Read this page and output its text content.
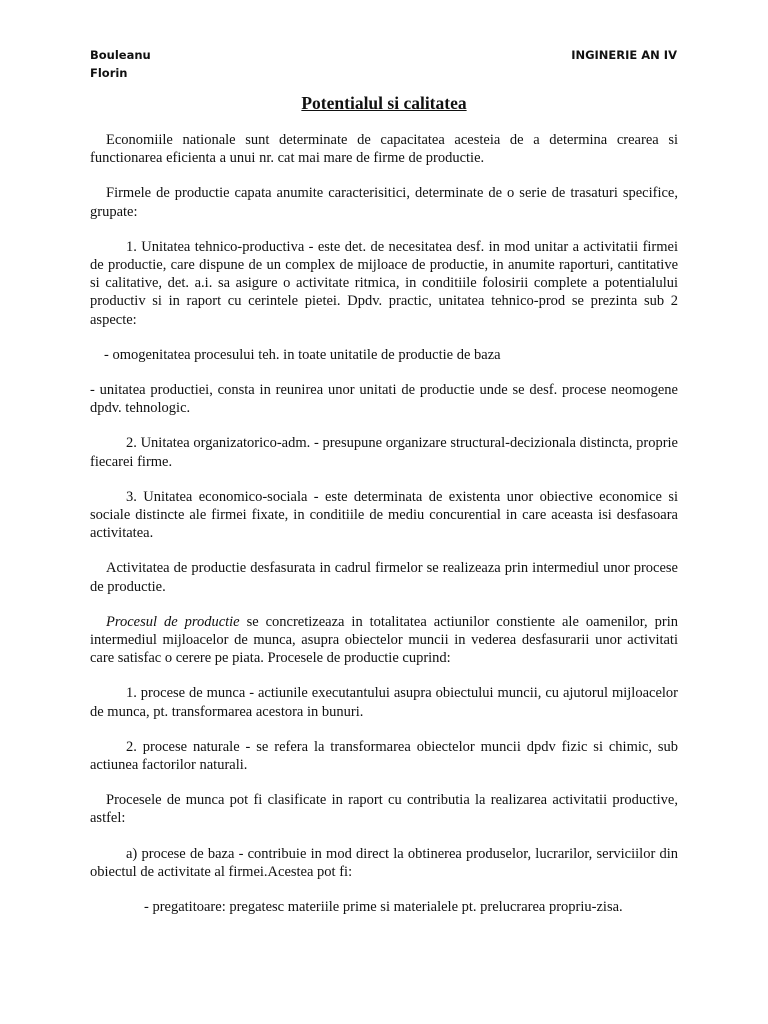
Bouleanu
Florin
INGINERIE AN IV
Potentialul si calitatea

Economiile nationale sunt determinate de capacitatea acesteia de a determina crearea si functionarea eficienta a unui nr. cat mai mare de firme de productie.

Firmele de productie capata anumite caracterisitici, determinate de o serie de trasaturi specifice, grupate:

1. Unitatea tehnico-productiva - este det. de necesitatea desf. in mod unitar a activitatii firmei de productie, care dispune de un complex de mijloace de productie, in anumite raporturi, cantitative si calitative, det. a.i. sa asigure o activitate ritmica, in conditiile folosirii complete a potentialului productiv si in raport cu cerintele pietei. Dpdv. practic, unitatea tehnico-prod se prezinta sub 2 aspecte:

- omogenitatea procesului teh. in toate unitatile de productie de baza

- unitatea productiei, consta in reunirea unor unitati de productie unde se desf. procese neomogene dpdv. tehnologic.

2. Unitatea organizatorico-adm. - presupune organizare structural-decizionala distincta, proprie fiecarei firme.

3. Unitatea economico-sociala - este determinata de existenta unor obiective economice si sociale distincte ale firmei fixate, in conditiile de mediu concurential in care aceasta isi desfasoara activitatea.

Activitatea de productie desfasurata in cadrul firmelor se realizeaza prin intermediul unor procese de productie.

Procesul de productie se concretizeaza in totalitatea actiunilor constiente ale oamenilor, prin intermediul mijloacelor de munca, asupra obiectelor muncii in vederea desfasurarii unor activitati care satisfac o cerere pe piata. Procesele de productie cuprind:

1. procese de munca - actiunile executantului asupra obiectului muncii, cu ajutorul mijloacelor de munca, pt. transformarea acestora in bunuri.

2. procese naturale - se refera la transformarea obiectelor muncii dpdv fizic si chimic, sub actiunea factorilor naturali.

Procesele de munca pot fi clasificate in raport cu contributia la realizarea activitatii productive, astfel:

a) procese de baza - contribuie in mod direct la obtinerea produselor, lucrarilor, serviciilor din obiectul de activitate al firmei.Acestea pot fi:

- pregatitoare: pregatesc materiile prime si materialele pt. prelucrarea propriu-zisa.
